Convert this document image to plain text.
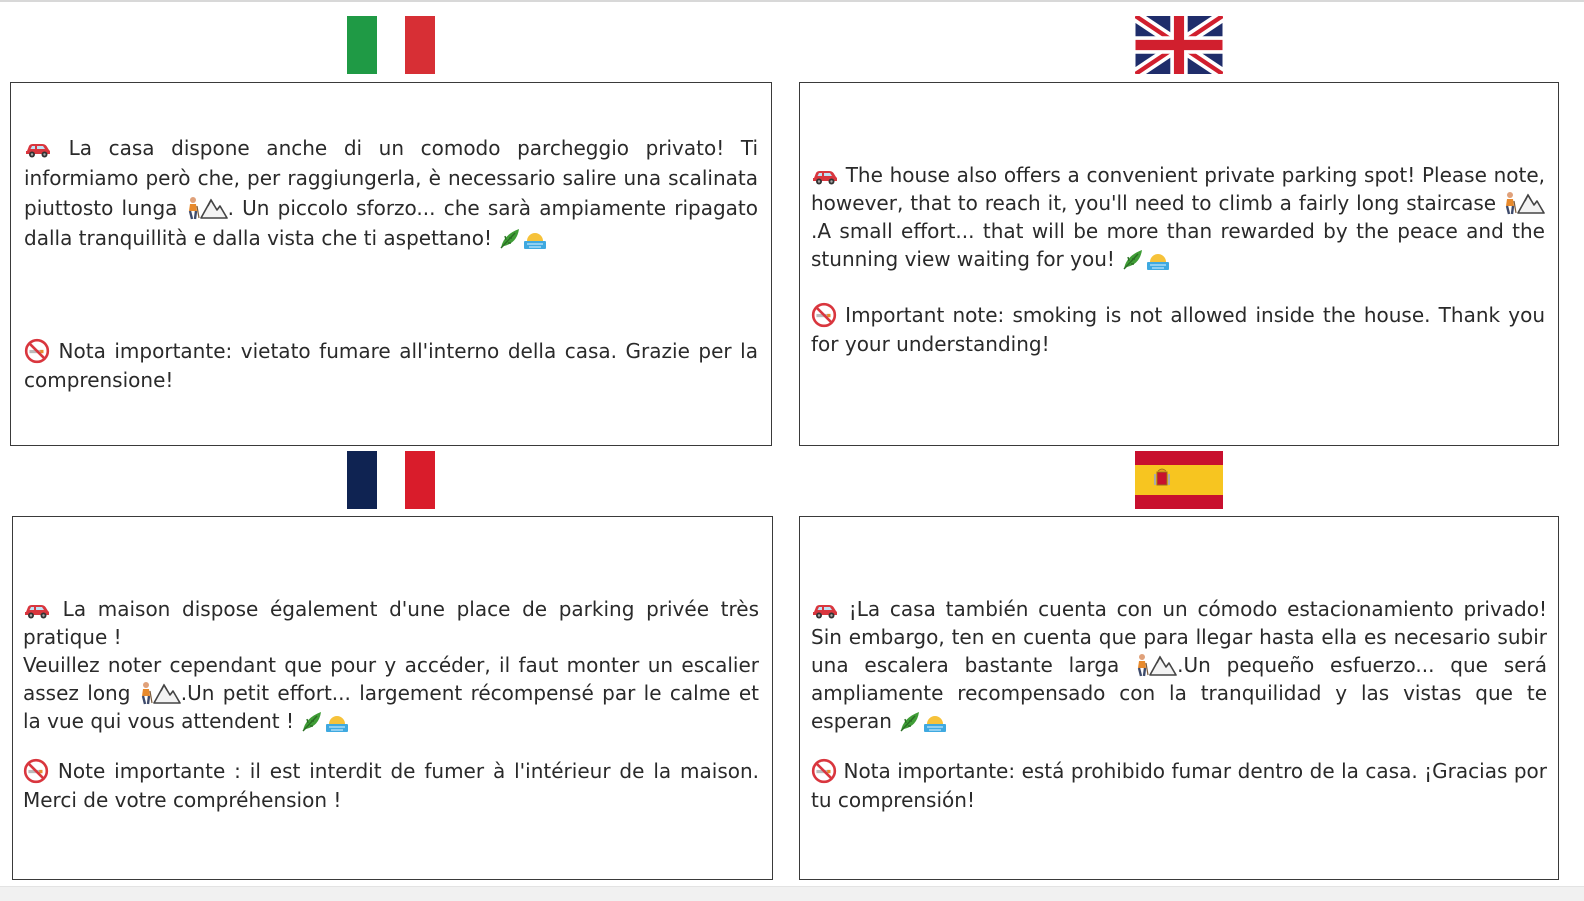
La casa dispone anche di un comodo parcheggio privato! Ti informiamo però che, per raggiungerla, è necessario salire una scalinata piuttosto lunga	. Un piccolo sforzo... che sarà ampiamente ripagato dalla tranquillità e dalla vista che ti aspettano!
Nota importante: vietato fumare all'interno della casa. Grazie per la comprensione!
The house also offers a convenient private parking spot! Please note, however, that to reach it, you'll need to climb a fairly long staircase
.A small effort... that will be more than rewarded by the peace and the stunning view waiting for you!
Important note: smoking is not allowed inside the house. Thank you for your understanding!
La maison dispose également d'une place de parking privée très pratique !
Veuillez noter cependant que pour y accéder, il faut monter un escalier assez long	.Un petit effort... largement récompensé par le calme et la vue qui vous attendent !
Note importante : il est interdit de fumer à l'intérieur de la maison. Merci de votre compréhension !
¡La casa también cuenta con un cómodo estacionamiento privado! Sin embargo, ten en cuenta que para llegar hasta ella es necesario subir una escalera bastante larga	.Un pequeño esfuerzo... que será ampliamente recompensado con la tranquilidad y las vistas que te esperan
Nota importante: está prohibido fumar dentro de la casa. ¡Gracias por tu comprensión!
